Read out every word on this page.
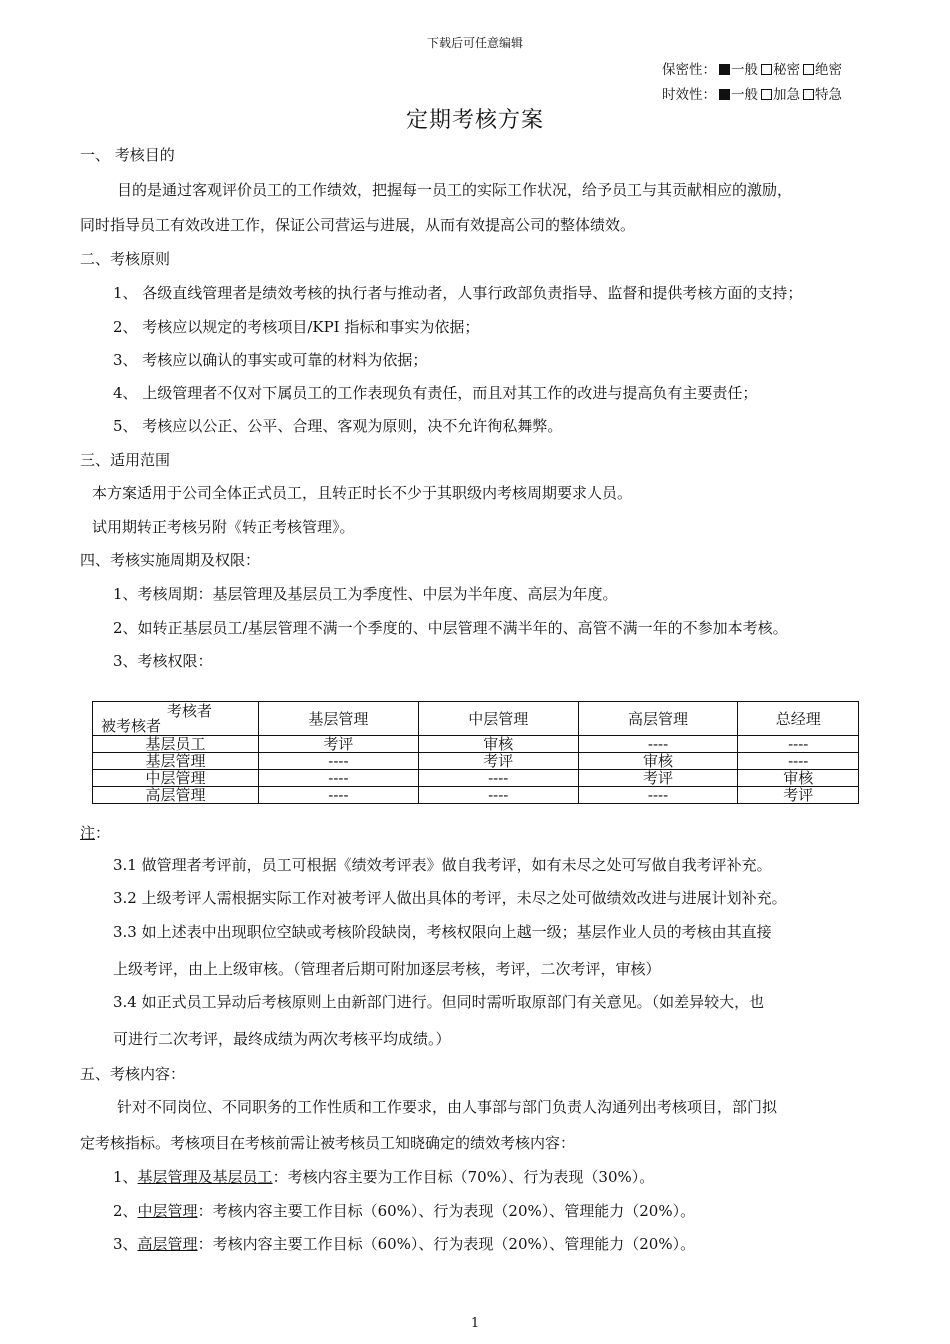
下载后可任意编辑
保密性： 一般 秘密 绝密
时效性： 一般 加急 特急
定期考核方案
一、 考核目的
目的是通过客观评价员工的工作绩效，把握每一员工的实际工作状况，给予员工与其贡献相应的激励，
同时指导员工有效改进工作，保证公司营运与进展，从而有效提高公司的整体绩效。
二、考核原则
1、 各级直线管理者是绩效考核的执行者与推动者，人事行政部负责指导、监督和提供考核方面的支持；
2、 考核应以规定的考核项目/KPI 指标和事实为依据；
3、 考核应以确认的事实或可靠的材料为依据；
4、 上级管理者不仅对下属员工的工作表现负有责任，而且对其工作的改进与提高负有主要责任；
5、 考核应以公正、公平、合理、客观为原则，决不允许徇私舞弊。
三、适用范围
本方案适用于公司全体正式员工，且转正时长不少于其职级内考核周期要求人员。
试用期转正考核另附《转正考核管理》。
四、考核实施周期及权限：
1、考核周期：基层管理及基层员工为季度性、中层为半年度、高层为年度。
2、如转正基层员工/基层管理不满一个季度的、中层管理不满半年的、高管不满一年的不参加本考核。
3、考核权限：
考核者
被考核者	基层管理	中层管理	高层管理	总经理
基层员工	考评	审核	----	----
基层管理	----	考评	审核	----
中层管理	----	----	考评	审核
高层管理	----	----	----	考评
注：
3.1 做管理者考评前，员工可根据《绩效考评表》做自我考评，如有未尽之处可写做自我考评补充。
3.2 上级考评人需根据实际工作对被考评人做出具体的考评，未尽之处可做绩效改进与进展计划补充。
3.3 如上述表中出现职位空缺或考核阶段缺岗，考核权限向上越一级；基层作业人员的考核由其直接
上级考评，由上上级审核。（管理者后期可附加逐层考核，考评，二次考评，审核）
3.4 如正式员工异动后考核原则上由新部门进行。但同时需听取原部门有关意见。（如差异较大，也
可进行二次考评，最终成绩为两次考核平均成绩。）
五、考核内容：
针对不同岗位、不同职务的工作性质和工作要求，由人事部与部门负责人沟通列出考核项目，部门拟
定考核指标。考核项目在考核前需让被考核员工知晓确定的绩效考核内容：
1、基层管理及基层员工：考核内容主要为工作目标（70%）、行为表现（30%）。
2、中层管理：考核内容主要工作目标（60%）、行为表现（20%）、管理能力（20%）。
3、高层管理：考核内容主要工作目标（60%）、行为表现（20%）、管理能力（20%）。
1
